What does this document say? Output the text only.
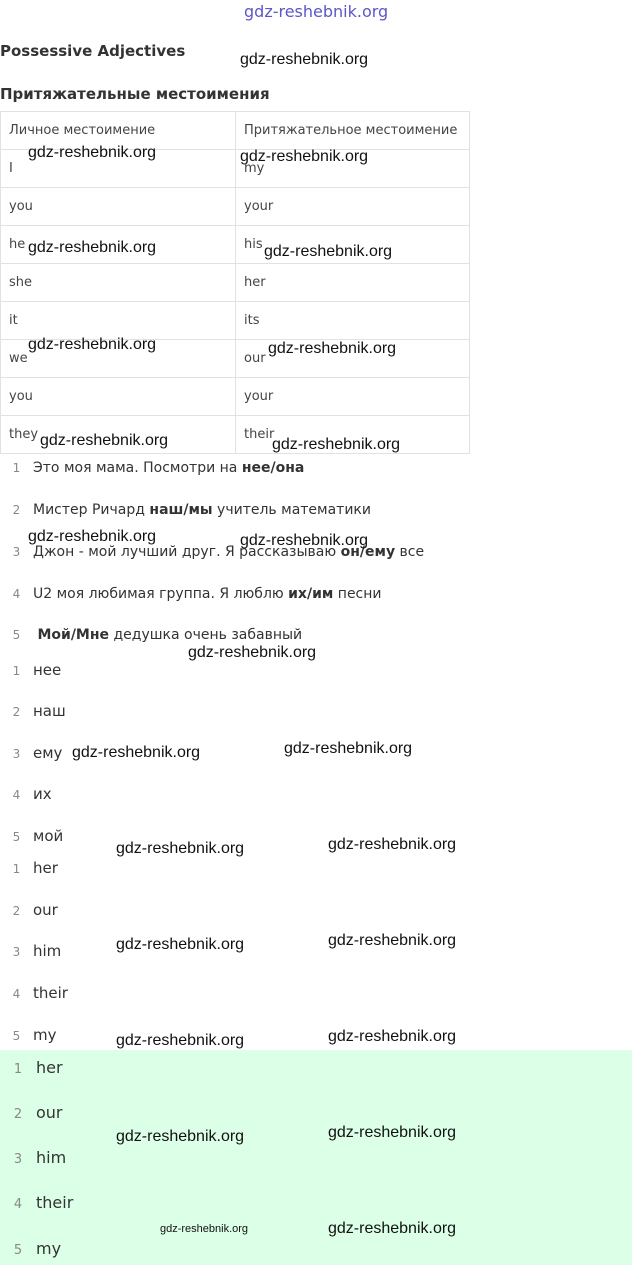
gdz-reshebnik.org
Possessive Adjectives
Притяжательные местоимения
Личное местоимение	Притяжательное местоимение
I	my
you	your
he	his
she	her
it	its
we	our
you	your
they	their
1 Это моя мама. Посмотри на нее/она
2 Мистер Ричард наш/мы учитель математики
3 Джон - мой лучший друг. Я рассказываю он/ему все
4 U2 моя любимая группа. Я люблю их/им песни
5 Мой/Мне дедушка очень забавный
1 нее
2 наш
3 ему
4 их
5 мой
1 her
2 our
3 him
4 their
5 my
1 her
2 our
3 him
4 their
5 my
gdz-reshebnik.org
gdz-reshebnik.org	gdz-reshebnik.org
gdz-reshebnik.org	gdz-reshebnik.org
gdz-reshebnik.org	gdz-reshebnik.org
gdz-reshebnik.org	gdz-reshebnik.org
gdz-reshebnik.org	gdz-reshebnik.org
gdz-reshebnik.org
gdz-reshebnik.org	gdz-reshebnik.org
gdz-reshebnik.org	gdz-reshebnik.org
gdz-reshebnik.org	gdz-reshebnik.org
gdz-reshebnik.org	gdz-reshebnik.org
gdz-reshebnik.org	gdz-reshebnik.org
gdz-reshebnik.org	gdz-reshebnik.org
